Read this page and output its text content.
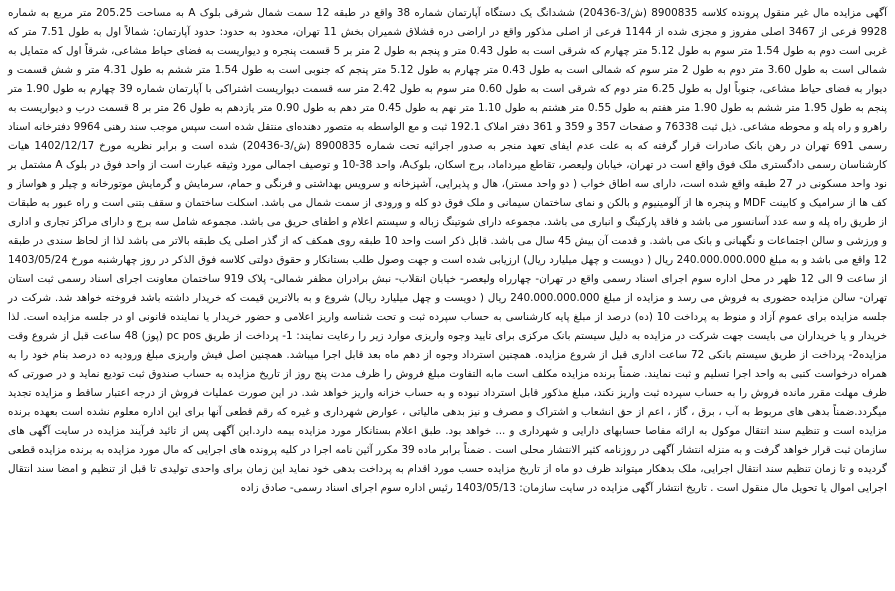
آگهی مزایده مال غیر منقول پرونده کلاسه 8900835 (ش/3-20436) ششدانگ یک دستگاه آپارتمان شماره 38 واقع در طبقه 12 سمت شمال شرقی بلوک A به مساحت 205.25 متر مربع به شماره 9928 فرعی از 3467 اصلی مفروز و مجزی شده از 1144 فرعی از اصلی مذکور واقع در اراضی دره قشلاق شمیران بخش 11 تهران، محدود به حدود: حدود آپارتمان: شمالاً اول به طول 7.51 متر که غربی است دوم به طول 1.54 متر سوم به طول 5.12 متر چهارم که شرقی است به طول 0.43 متر و پنجم به طول 2 متر بر 5 قسمت پنجره و دیواریست به فضای حیاط مشاعی، شرقاً اول که متمایل به شمالی است به طول 3.60 متر دوم به طول 2 متر سوم که شمالی است به طول 0.43 متر چهارم به طول 5.12 متر پنجم که جنوبی است به طول 1.54 متر ششم به طول 4.31 متر و شش قسمت و دیوار به فضای حیاط مشاعی، جنوباً اول به طول 6.25 متر دوم که شرقی است به طول 0.60 متر سوم به طول 2.42 متر سه قسمت دیواریست اشتراکی با آپارتمان شماره 39 چهارم به طول 1.90 متر پنجم به طول 1.95 متر ششم به طول 1.90 متر هفتم به طول 0.55 متر هشتم به طول 1.10 متر نهم به طول 0.45 متر دهم به طول 0.90 متر یازدهم به طول 26 متر بر 8 قسمت درب و دیواریست به راهرو و راه پله و محوطه مشاعی. ذیل ثبت 76338 و صفحات 357 و 359 و 361 دفتر املاک 192.1 ثبت و مع الواسطه به متصور دهنده‌ای منتقل شده است سپس موجب سند رهنی 9964 دفترخانه اسناد رسمی 691 تهران در رهن بانک صادرات قرار گرفته که به علت عدم ایفای تعهد منجر به صدور اجرائیه تحت شماره 8900835 (ش/3-20436) شده است و برابر نظریه مورخ 1402/12/17 هیات کارشناسان رسمی دادگستری ملک فوق واقع است در تهران، خیابان ولیعصر، تقاطع میرداماد، برج اسکان، بلوکA، واحد 38-10 و توصیف اجمالی مورد وثیقه عبارت است از واحد فوق در بلوک A مشتمل بر نود واحد مسکونی در 27 طبقه واقع شده است، دارای سه اطاق خواب ( دو واحد مستر)، هال و پذیرایی، آشپزخانه و سرویس بهداشتی و فرنگی و حمام، سرمایش و گرمایش موتورخانه و چیلر و هواساز و کف ها از سرامیک و کابینت MDF و پنجره ها از آلومینیوم و بالکن و نمای ساختمان سیمانی و ملک فوق دو کله و ورودی از سمت شمال می باشد. اسکلت ساختمان و سقف بتنی است و راه عبور به طبقات از طریق راه پله و سه عدد آسانسور می باشد و فاقد پارکینگ و انباری می باشد. مجموعه دارای شوتینگ زباله و سیستم اعلام و اطفای حریق می باشد. مجموعه شامل سه برج و دارای مراکز تجاری و اداری و ورزشی و سالن اجتماعات و نگهبانی و بانک می باشد. و قدمت آن بیش 45 سال می باشد. قابل ذکر است واحد 10 طبقه روی همکف که از گذر اصلی یک طبقه بالاتر می باشد لذا از لحاظ سندی در طبقه 12 واقع می باشد و به مبلغ 240.000.000.000 ریال ( دویست و چهل میلیارد ریال) ارزیابی شده است و جهت وصول طلب بستانکار و حقوق دولتی کلاسه فوق الذکر در روز چهارشنبه مورخ 1403/05/24 از ساعت 9 الی 12 ظهر در محل اداره سوم اجرای اسناد رسمی واقع در تهران- چهارراه ولیعصر- خیابان انقلاب- نبش برادران مظفر شمالی- پلاک 919 ساختمان معاونت اجرای اسناد رسمی ثبت استان تهران- سالن مزایده حضوری به فروش می رسد و مزایده از مبلغ 240.000.000.000 ریال ( دویست و چهل میلیارد ریال) شروع و به بالاترین قیمت که خریدار داشته باشد فروخته خواهد شد. شرکت در جلسه مزایده برای عموم آزاد و منوط به پرداخت 10 (ده) درصد از مبلغ پایه کارشناسی به حساب سپرده ثبت و تحت شناسه واریز اعلامی و حضور خریدار یا نماینده قانونی او در جلسه مزایده است. لذا خریدار و یا خریداران می بایست جهت شرکت در مزایده به دلیل سیستم بانک مرکزی برای تایید وجوه واریزی موارد زیر را رعایت نمایند: 1- پرداخت از طریق pc pos (پوز) 48 ساعت قبل از شروع وقت مزایده2- پرداخت از طریق سیستم بانکی 72 ساعت اداری قبل از شروع مزایده. همچنین استرداد وجوه از دهم ماه بعد قابل اجرا میباشد. همچنین اصل فیش واریزی مبلغ ورودیه ده درصد بنام خود را به همراه درخواست کتبی به واحد اجرا تسلیم و ثبت نمایند. ضمناً برنده مزایده مکلف است مابه التفاوت مبلغ فروش را ظرف مدت پنج روز از تاریخ مزایده به حساب صندوق ثبت تودیع نماید و در صورتی که ظرف مهلت مقرر مانده فروش را به حساب سپرده ثبت واریز نکند، مبلغ مذکور قابل استرداد نبوده و به حساب خزانه واریز خواهد شد. در این صورت عملیات فروش از درجه اعتبار ساقط و مزایده تجدید میگردد.ضمناً بدهی های مربوط به آب ، برق ، گاز ، اعم از حق انشعاب و اشتراک و مصرف و نیز بدهی مالیاتی ، عوارض شهرداری و غیره که رقم قطعی آنها برای این اداره معلوم نشده است بعهده برنده مزایده است و تنظیم سند انتقال موکول به ارائه مفاصا حسابهای دارایی و شهرداری و ... خواهد بود. طبق اعلام بستانکار مورد مزایده بیمه دارد.این آگهی پس از تائید فرآیند مزایده در سایت آگهی های سازمان ثبت قرار خواهد گرفت و به منزله انتشار آگهی در روزنامه کثیر الانتشار محلی است . ضمناً برابر ماده 39 مکرر آئین نامه اجرا در کلیه پرونده های اجرایی که مال مورد مزایده به برنده مزایده قطعی گردیده و تا زمان تنظیم سند انتقال اجرایی، ملک بدهکار میتواند ظرف دو ماه از تاریخ مزایده حسب مورد اقدام به پرداخت بدهی خود نماید این زمان برای واحدی تولیدی تا قبل از تنظیم و امضا سند انتقال اجرایی اموال یا تحویل مال منقول است . تاریخ انتشار آگهی مزایده در سایت سازمان: 1403/05/13 رئیس اداره سوم اجرای اسناد رسمی- صادق زاده
